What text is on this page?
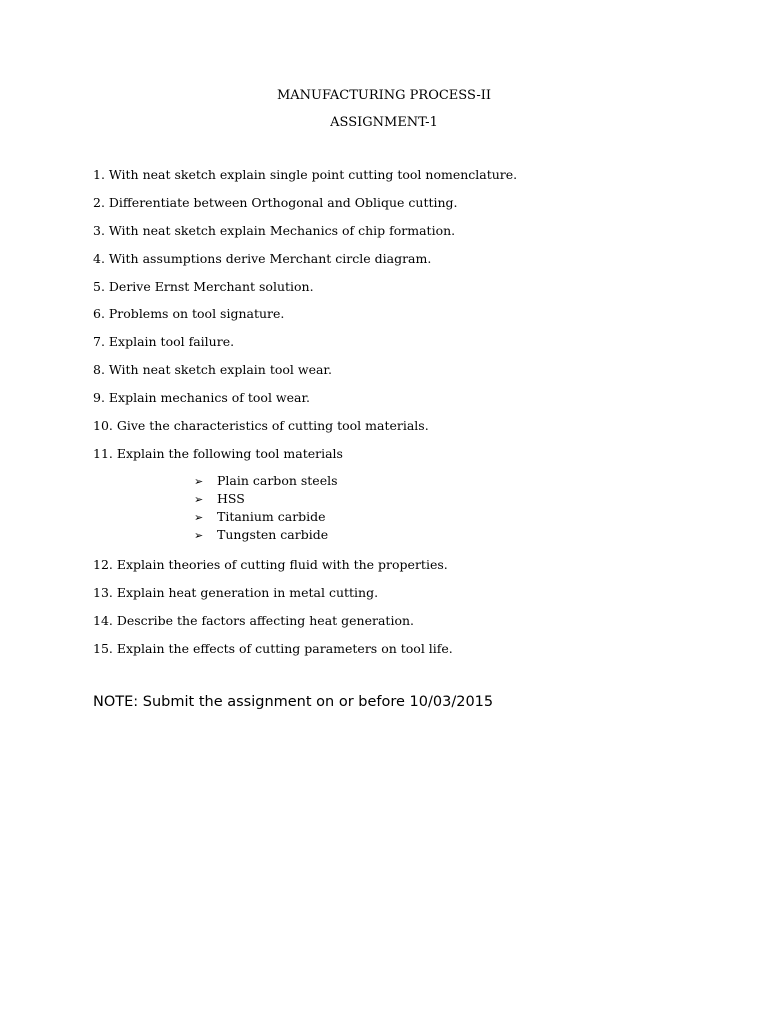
MANUFACTURING PROCESS-II
ASSIGNMENT-1
1. With neat sketch explain single point cutting tool nomenclature.
2. Differentiate between Orthogonal and Oblique cutting.
3. With neat sketch explain Mechanics of chip formation.
4. With assumptions derive Merchant circle diagram.
5. Derive Ernst Merchant solution.
6. Problems on tool signature.
7. Explain tool failure.
8. With neat sketch explain tool wear.
9. Explain mechanics of tool wear.
10. Give the characteristics of cutting tool materials.
11. Explain the following tool materials
➢ Plain carbon steels
➢ HSS
➢ Titanium carbide
➢ Tungsten carbide
12. Explain theories of cutting fluid with the properties.
13. Explain heat generation in metal cutting.
14. Describe the factors affecting heat generation.
15. Explain the effects of cutting parameters on tool life.
NOTE: Submit the assignment on or before 10/03/2015
